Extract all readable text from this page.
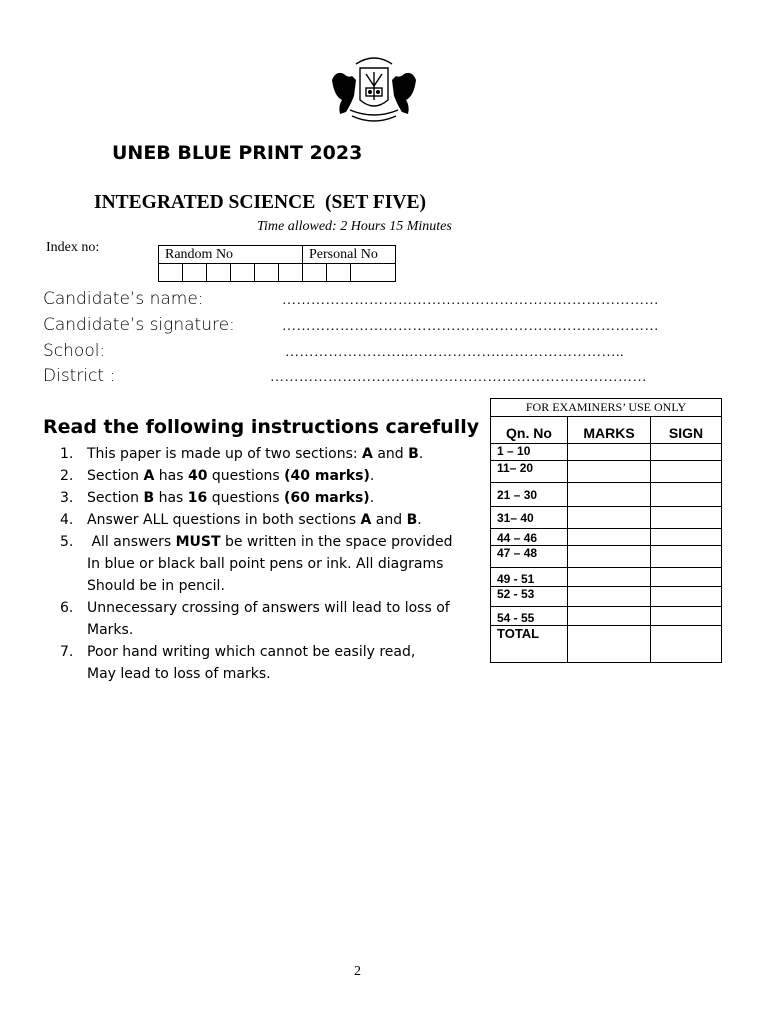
UNEB BLUE PRINT 2023
INTEGRATED SCIENCE  (SET FIVE)
Time allowed: 2 Hours 15 Minutes
Index no:	Random No						Personal No		

Candidate’s name:	……………………………………………………………………
Candidate’s signature:	……………………………………………………………………
School:	……………………..……………….……………………..
District :	……………………………………………………………………
Read the following instructions carefully
1. This paper is made up of two sections: A and B.
2. Section A has 40 questions (40 marks).
3. Section B has 16 questions (60 marks).
4. Answer ALL questions in both sections A and B.
5. All answers MUST be written in the space provided
In blue or black ball point pens or ink. All diagrams
Should be in pencil.
6. Unnecessary crossing of answers will lead to loss of
Marks.
7. Poor hand writing which cannot be easily read,
May lead to loss of marks.
FOR EXAMINERS’ USE ONLY		
Qn. No	MARKS	SIGN
1 – 10		
11– 20		
21 – 30		
31– 40		
44 – 46		
47 – 48		
49 - 51		
52 - 53		
54 - 55		
TOTAL		
2
